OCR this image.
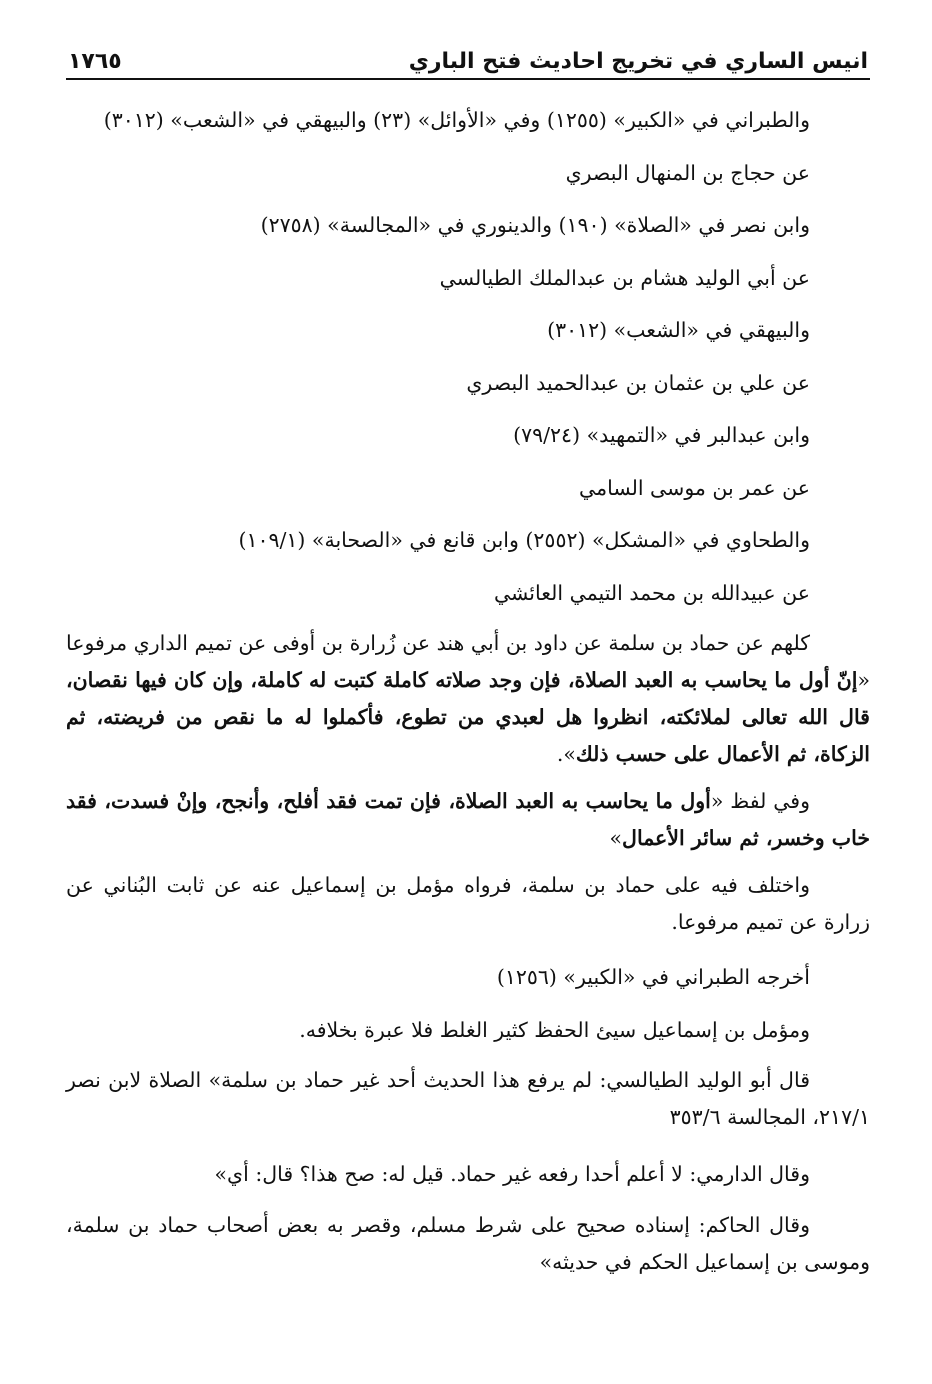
انيس الساري في تخريج احاديث فتح الباري
١٧٦٥
والطبراني في «الكبير» (١٢٥٥) وفي «الأوائل» (٢٣) والبيهقي في «الشعب» (٣٠١٢)
عن حجاج بن المنهال البصري
وابن نصر في «الصلاة» (١٩٠) والدينوري في «المجالسة» (٢٧٥٨)
عن أبي الوليد هشام بن عبدالملك الطيالسي
والبيهقي في «الشعب» (٣٠١٢)
عن علي بن عثمان بن عبدالحميد البصري
وابن عبدالبر في «التمهيد» (٧٩/٢٤)
عن عمر بن موسى السامي
والطحاوي في «المشكل» (٢٥٥٢) وابن قانع في «الصحابة» (١٠٩/١)
عن عبيدالله بن محمد التيمي العائشي

كلهم عن حماد بن سلمة عن داود بن أبي هند عن زُرارة بن أوفى عن تميم الداري مرفوعا «إنّ أول ما يحاسب به العبد الصلاة، فإن وجد صلاته كاملة كتبت له كاملة، وإن كان فيها نقصان، قال الله تعالى لملائكته، انظروا هل لعبدي من تطوع، فأكملوا له ما نقص من فريضته، ثم الزكاة، ثم الأعمال على حسب ذلك».

وفي لفظ «أول ما يحاسب به العبد الصلاة، فإن تمت فقد أفلح، وأنجح، وإنْ فسدت، فقد خاب وخسر، ثم سائر الأعمال»

واختلف فيه على حماد بن سلمة، فرواه مؤمل بن إسماعيل عنه عن ثابت البُناني عن زرارة عن تميم مرفوعا.

أخرجه الطبراني في «الكبير» (١٢٥٦)
ومؤمل بن إسماعيل سيئ الحفظ كثير الغلط فلا عبرة بخلافه.

قال أبو الوليد الطيالسي: لم يرفع هذا الحديث أحد غير حماد بن سلمة» الصلاة لابن نصر ٢١٧/١، المجالسة ٣٥٣/٦

وقال الدارمي: لا أعلم أحدا رفعه غير حماد. قيل له: صح هذا؟ قال: أي»

وقال الحاكم: إسناده صحيح على شرط مسلم، وقصر به بعض أصحاب حماد بن سلمة، وموسى بن إسماعيل الحكم في حديثه»
